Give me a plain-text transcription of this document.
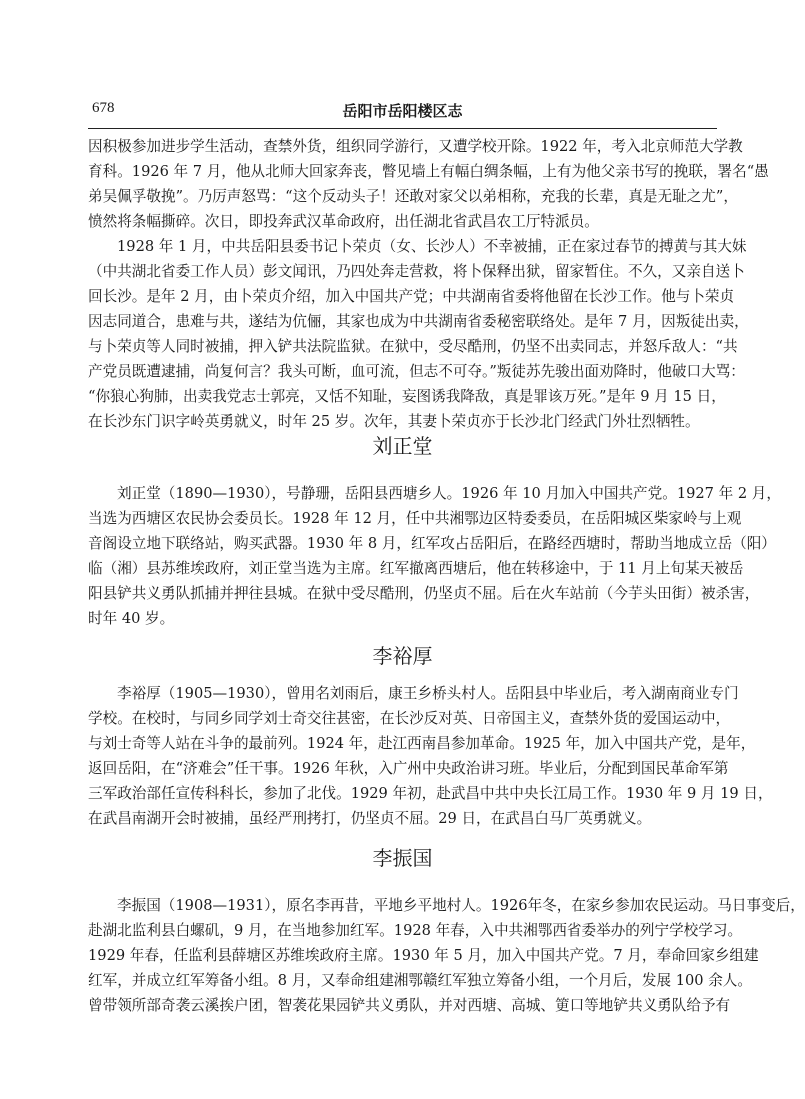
678	岳阳市岳阳楼区志
因积极参加进步学生活动，查禁外货，组织同学游行，又遭学校开除。1922 年，考入北京师范大学教
育科。1926 年 7 月，他从北师大回家奔丧，瞥见墙上有幅白绸条幅，上有为他父亲书写的挽联，署名“愚
弟吴佩孚敬挽”。乃厉声怒骂：“这个反动头子！还敢对家父以弟相称，充我的长辈，真是无耻之尤”，
愤然将条幅撕碎。次日，即投奔武汉革命政府，出任湖北省武昌农工厅特派员。
1928 年 1 月，中共岳阳县委书记卜荣贞（女、长沙人）不幸被捕，正在家过春节的搏黄与其大妹
（中共湖北省委工作人员）彭文闻讯，乃四处奔走营救，将卜保释出狱，留家暂住。不久，又亲自送卜
回长沙。是年 2 月，由卜荣贞介绍，加入中国共产党；中共湖南省委将他留在长沙工作。他与卜荣贞
因志同道合，患难与共，遂结为伉俪，其家也成为中共湖南省委秘密联络处。是年 7 月，因叛徒出卖，
与卜荣贞等人同时被捕，押入铲共法院监狱。在狱中，受尽酷刑，仍坚不出卖同志，并怒斥敌人：“共
产党员既遭逮捕，尚复何言？我头可断，血可流，但志不可夺。”叛徒苏先骏出面劝降时，他破口大骂：
“你狼心狗肺，出卖我党志士郭亮，又恬不知耻，妄图诱我降敌，真是罪该万死。”是年 9 月 15 日，
在长沙东门识字岭英勇就义，时年 25 岁。次年，其妻卜荣贞亦于长沙北门经武门外壮烈牺牲。
刘正堂
刘正堂（1890—1930），号静珊，岳阳县西塘乡人。1926 年 10 月加入中国共产党。1927 年 2 月，
当选为西塘区农民协会委员长。1928 年 12 月，任中共湘鄂边区特委委员，在岳阳城区柴家岭与上观
音阁设立地下联络站，购买武器。1930 年 8 月，红军攻占岳阳后，在路经西塘时，帮助当地成立岳（阳）
临（湘）县苏维埃政府，刘正堂当选为主席。红军撤离西塘后，他在转移途中，于 11 月上旬某天被岳
阳县铲共义勇队抓捕并押往县城。在狱中受尽酷刑，仍坚贞不屈。后在火车站前（今芋头田街）被杀害，
时年 40 岁。
李裕厚
李裕厚（1905—1930），曾用名刘雨后，康王乡桥头村人。岳阳县中毕业后，考入湖南商业专门
学校。在校时，与同乡同学刘士奇交往甚密，在长沙反对英、日帝国主义，查禁外货的爱国运动中，
与刘士奇等人站在斗争的最前列。1924 年，赴江西南昌参加革命。1925 年，加入中国共产党，是年，
返回岳阳，在“济难会”任干事。1926 年秋，入广州中央政治讲习班。毕业后，分配到国民革命军第
三军政治部任宣传科科长，参加了北伐。1929 年初，赴武昌中共中央长江局工作。1930 年 9 月 19 日，
在武昌南湖开会时被捕，虽经严刑拷打，仍坚贞不屈。29 日，在武昌白马厂英勇就义。
李振国
李振国（1908—1931），原名李再昔，平地乡平地村人。1926年冬，在家乡参加农民运动。马日事变后，
赴湖北监利县白螺矶，9 月，在当地参加红军。1928 年春，入中共湘鄂西省委举办的列宁学校学习。
1929 年春，任监利县薛塘区苏维埃政府主席。1930 年 5 月，加入中国共产党。7 月，奉命回家乡组建
红军，并成立红军筹备小组。8 月，又奉命组建湘鄂赣红军独立筹备小组，一个月后，发展 100 余人。
曾带领所部奇袭云溪挨户团，智袭花果园铲共义勇队，并对西塘、高城、筻口等地铲共义勇队给予有
